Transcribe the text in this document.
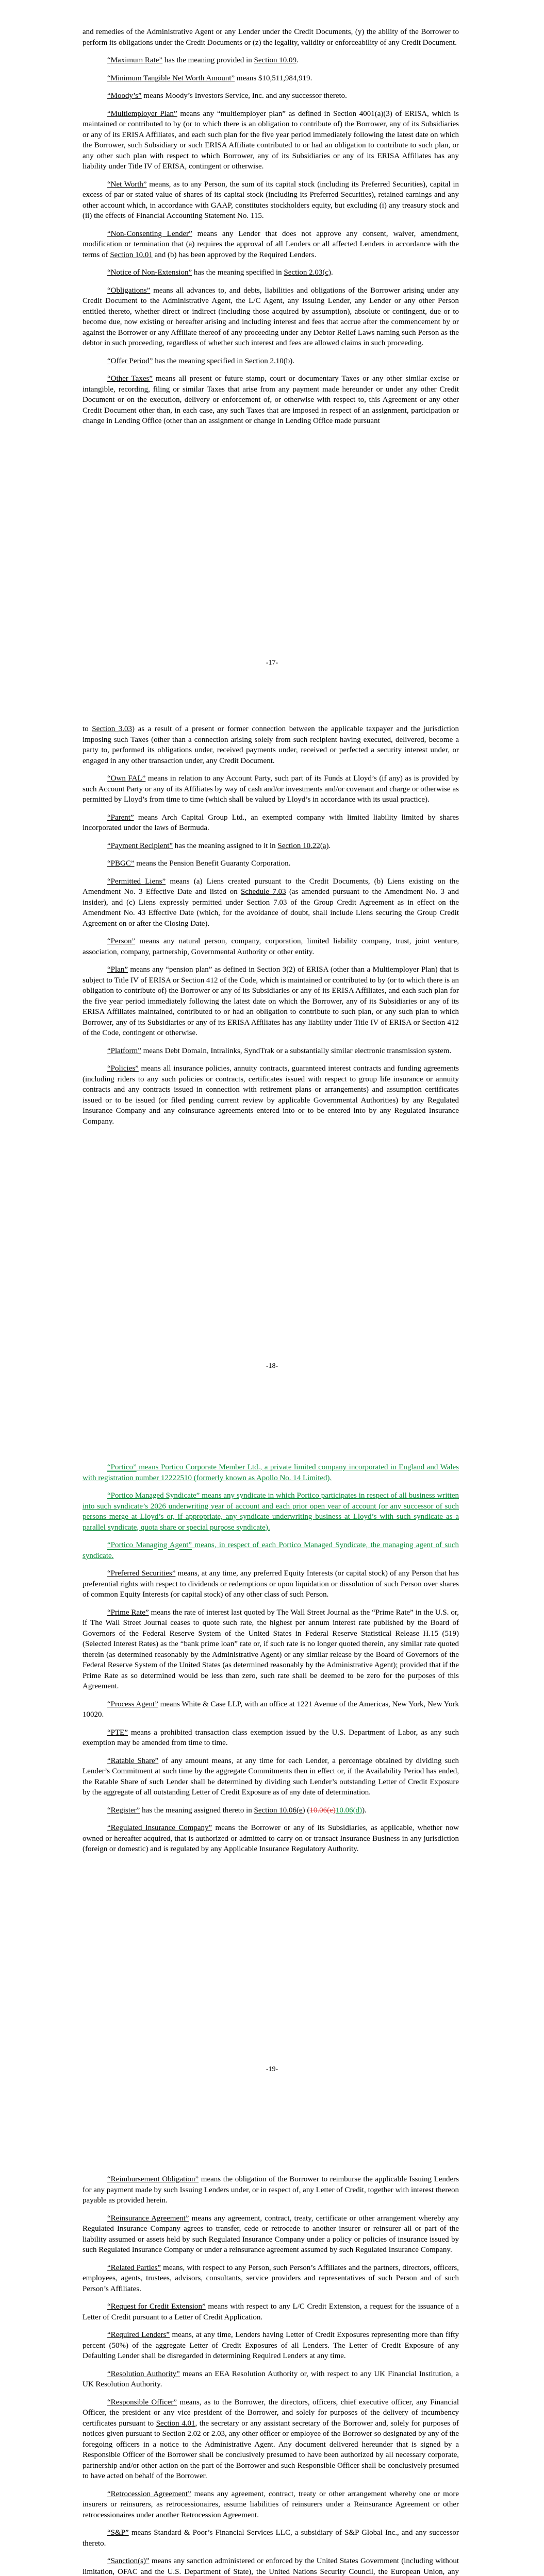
and remedies of the Administrative Agent or any Lender under the Credit Documents, (y) the ability of the Borrower to perform its obligations under the Credit Documents or (z) the legality, validity or enforceability of any Credit Document.

“Maximum Rate” has the meaning provided in Section 10.09.

“Minimum Tangible Net Worth Amount” means $10,511,984,919.

“Moody’s” means Moody’s Investors Service, Inc. and any successor thereto.

“Multiemployer Plan” means any “multiemployer plan” as defined in Section 4001(a)(3) of ERISA, which is maintained or contributed to by (or to which there is an obligation to contribute of) the Borrower, any of its Subsidiaries or any of its ERISA Affiliates, and each such plan for the five year period immediately following the latest date on which the Borrower, such Subsidiary or such ERISA Affiliate contributed to or had an obligation to contribute to such plan, or any other such plan with respect to which Borrower, any of its Subsidiaries or any of its ERISA Affiliates has any liability under Title IV of ERISA, contingent or otherwise.

“Net Worth” means, as to any Person, the sum of its capital stock (including its Preferred Securities), capital in excess of par or stated value of shares of its capital stock (including its Preferred Securities), retained earnings and any other account which, in accordance with GAAP, constitutes stockholders equity, but excluding (i) any treasury stock and (ii) the effects of Financial Accounting Statement No. 115.

“Non-Consenting Lender” means any Lender that does not approve any consent, waiver, amendment, modification or termination that (a) requires the approval of all Lenders or all affected Lenders in accordance with the terms of Section 10.01 and (b) has been approved by the Required Lenders.

“Notice of Non-Extension” has the meaning specified in Section 2.03(c).

“Obligations” means all advances to, and debts, liabilities and obligations of the Borrower arising under any Credit Document to the Administrative Agent, the L/C Agent, any Issuing Lender, any Lender or any other Person entitled thereto, whether direct or indirect (including those acquired by assumption), absolute or contingent, due or to become due, now existing or hereafter arising and including interest and fees that accrue after the commencement by or against the Borrower or any Affiliate thereof of any proceeding under any Debtor Relief Laws naming such Person as the debtor in such proceeding, regardless of whether such interest and fees are allowed claims in such proceeding.

“Offer Period” has the meaning specified in Section 2.10(b).

“Other Taxes” means all present or future stamp, court or documentary Taxes or any other similar excise or intangible, recording, filing or similar Taxes that arise from any payment made hereunder or under any other Credit Document or on the execution, delivery or enforcement of, or otherwise with respect to, this Agreement or any other Credit Document other than, in each case, any such Taxes that are imposed in respect of an assignment, participation or change in Lending Office (other than an assignment or change in Lending Office made pursuant

-17-

to Section 3.03) as a result of a present or former connection between the applicable taxpayer and the jurisdiction imposing such Taxes (other than a connection arising solely from such recipient having executed, delivered, become a party to, performed its obligations under, received payments under, received or perfected a security interest under, or engaged in any other transaction under, any Credit Document.

“Own FAL” means in relation to any Account Party, such part of its Funds at Lloyd’s (if any) as is provided by such Account Party or any of its Affiliates by way of cash and/or investments and/or covenant and charge or otherwise as permitted by Lloyd’s from time to time (which shall be valued by Lloyd’s in accordance with its usual practice).

“Parent” means Arch Capital Group Ltd., an exempted company with limited liability limited by shares incorporated under the laws of Bermuda.

“Payment Recipient” has the meaning assigned to it in Section 10.22(a).

“PBGC” means the Pension Benefit Guaranty Corporation.

“Permitted Liens” means (a) Liens created pursuant to the Credit Documents, (b) Liens existing on the Amendment No. 3 Effective Date and listed on Schedule 7.03 (as amended pursuant to the Amendment No. 3 and insider), and (c) Liens expressly permitted under Section 7.03 of the Group Credit Agreement as in effect on the Amendment No. 43 Effective Date (which, for the avoidance of doubt, shall include Liens securing the Group Credit Agreement on or after the Closing Date).

“Person” means any natural person, company, corporation, limited liability company, trust, joint venture, association, company, partnership, Governmental Authority or other entity.

“Plan” means any “pension plan” as defined in Section 3(2) of ERISA (other than a Multiemployer Plan) that is subject to Title IV of ERISA or Section 412 of the Code, which is maintained or contributed to by (or to which there is an obligation to contribute of) the Borrower or any of its Subsidiaries or any of its ERISA Affiliates, and each such plan for the five year period immediately following the latest date on which the Borrower, any of its Subsidiaries or any of its ERISA Affiliates maintained, contributed to or had an obligation to contribute to such plan, or any such plan to which Borrower, any of its Subsidiaries or any of its ERISA Affiliates has any liability under Title IV of ERISA or Section 412 of the Code, contingent or otherwise.

“Platform” means Debt Domain, Intralinks, SyndTrak or a substantially similar electronic transmission system.

“Policies” means all insurance policies, annuity contracts, guaranteed interest contracts and funding agreements (including riders to any such policies or contracts, certificates issued with respect to group life insurance or annuity contracts and any contracts issued in connection with retirement plans or arrangements) and assumption certificates issued or to be issued (or filed pending current review by applicable Governmental Authorities) by any Regulated Insurance Company and any coinsurance agreements entered into or to be entered into by any Regulated Insurance Company.

-18-

“Portico” means Portico Corporate Member Ltd., a private limited company incorporated in England and Wales with registration number 12222510 (formerly known as Apollo No. 14 Limited).

“Portico Managed Syndicate” means any syndicate in which Portico participates in respect of all business written into such syndicate’s 2026 underwriting year of account and each prior open year of account (or any successor of such persons merge at Lloyd’s or, if appropriate, any syndicate underwriting business at Lloyd’s with such syndicate as a parallel syndicate, quota share or special purpose syndicate).

“Portico Managing Agent” means, in respect of each Portico Managed Syndicate, the managing agent of such syndicate.

“Preferred Securities” means, at any time, any preferred Equity Interests (or capital stock) of any Person that has preferential rights with respect to dividends or redemptions or upon liquidation or dissolution of such Person over shares of common Equity Interests (or capital stock) of any other class of such Person.

“Prime Rate” means the rate of interest last quoted by The Wall Street Journal as the “Prime Rate” in the U.S. or, if The Wall Street Journal ceases to quote such rate, the highest per annum interest rate published by the Board of Governors of the Federal Reserve System of the United States in Federal Reserve Statistical Release H.15 (519) (Selected Interest Rates) as the “bank prime loan” rate or, if such rate is no longer quoted therein, any similar rate quoted therein (as determined reasonably by the Administrative Agent) or any similar release by the Board of Governors of the Federal Reserve System of the United States (as determined reasonably by the Administrative Agent); provided that if the Prime Rate as so determined would be less than zero, such rate shall be deemed to be zero for the purposes of this Agreement.

“Process Agent” means White & Case LLP, with an office at 1221 Avenue of the Americas, New York, New York 10020.

“PTE” means a prohibited transaction class exemption issued by the U.S. Department of Labor, as any such exemption may be amended from time to time.

“Ratable Share” of any amount means, at any time for each Lender, a percentage obtained by dividing such Lender’s Commitment at such time by the aggregate Commitments then in effect or, if the Availability Period has ended, the Ratable Share of such Lender shall be determined by dividing such Lender’s outstanding Letter of Credit Exposure by the aggregate of all outstanding Letter of Credit Exposure as of any date of determination.

“Register” has the meaning assigned thereto in Section 10.06(e) (10.06(e)10.06(d)).

“Regulated Insurance Company” means the Borrower or any of its Subsidiaries, as applicable, whether now owned or hereafter acquired, that is authorized or admitted to carry on or transact Insurance Business in any jurisdiction (foreign or domestic) and is regulated by any Applicable Insurance Regulatory Authority.

-19-

“Reimbursement Obligation” means the obligation of the Borrower to reimburse the applicable Issuing Lenders for any payment made by such Issuing Lenders under, or in respect of, any Letter of Credit, together with interest thereon payable as provided herein.

“Reinsurance Agreement” means any agreement, contract, treaty, certificate or other arrangement whereby any Regulated Insurance Company agrees to transfer, cede or retrocede to another insurer or reinsurer all or part of the liability assumed or assets held by such Regulated Insurance Company under a policy or policies of insurance issued by such Regulated Insurance Company or under a reinsurance agreement assumed by such Regulated Insurance Company.

“Related Parties” means, with respect to any Person, such Person’s Affiliates and the partners, directors, officers, employees, agents, trustees, advisors, consultants, service providers and representatives of such Person and of such Person’s Affiliates.

“Request for Credit Extension” means with respect to any L/C Credit Extension, a request for the issuance of a Letter of Credit pursuant to a Letter of Credit Application.

“Required Lenders” means, at any time, Lenders having Letter of Credit Exposures representing more than fifty percent (50%) of the aggregate Letter of Credit Exposures of all Lenders. The Letter of Credit Exposure of any Defaulting Lender shall be disregarded in determining Required Lenders at any time.

“Resolution Authority” means an EEA Resolution Authority or, with respect to any UK Financial Institution, a UK Resolution Authority.

“Responsible Officer” means, as to the Borrower, the directors, officers, chief executive officer, any Financial Officer, the president or any vice president of the Borrower, and solely for purposes of the delivery of incumbency certificates pursuant to Section 4.01, the secretary or any assistant secretary of the Borrower and, solely for purposes of notices given pursuant to Section 2.02 or 2.03, any other officer or employee of the Borrower so designated by any of the foregoing officers in a notice to the Administrative Agent. Any document delivered hereunder that is signed by a Responsible Officer of the Borrower shall be conclusively presumed to have been authorized by all necessary corporate, partnership and/or other action on the part of the Borrower and such Responsible Officer shall be conclusively presumed to have acted on behalf of the Borrower.

“Retrocession Agreement” means any agreement, contract, treaty or other arrangement whereby one or more insurers or reinsurers, as retrocessionaires, assume liabilities of reinsurers under a Reinsurance Agreement or other retrocessionaires under another Retrocession Agreement.

“S&P” means Standard & Poor’s Financial Services LLC, a subsidiary of S&P Global Inc., and any successor thereto.

“Sanction(s)” means any sanction administered or enforced by the United States Government (including without limitation, OFAC and the U.S. Department of State), the United Nations Security Council, the European Union, any
